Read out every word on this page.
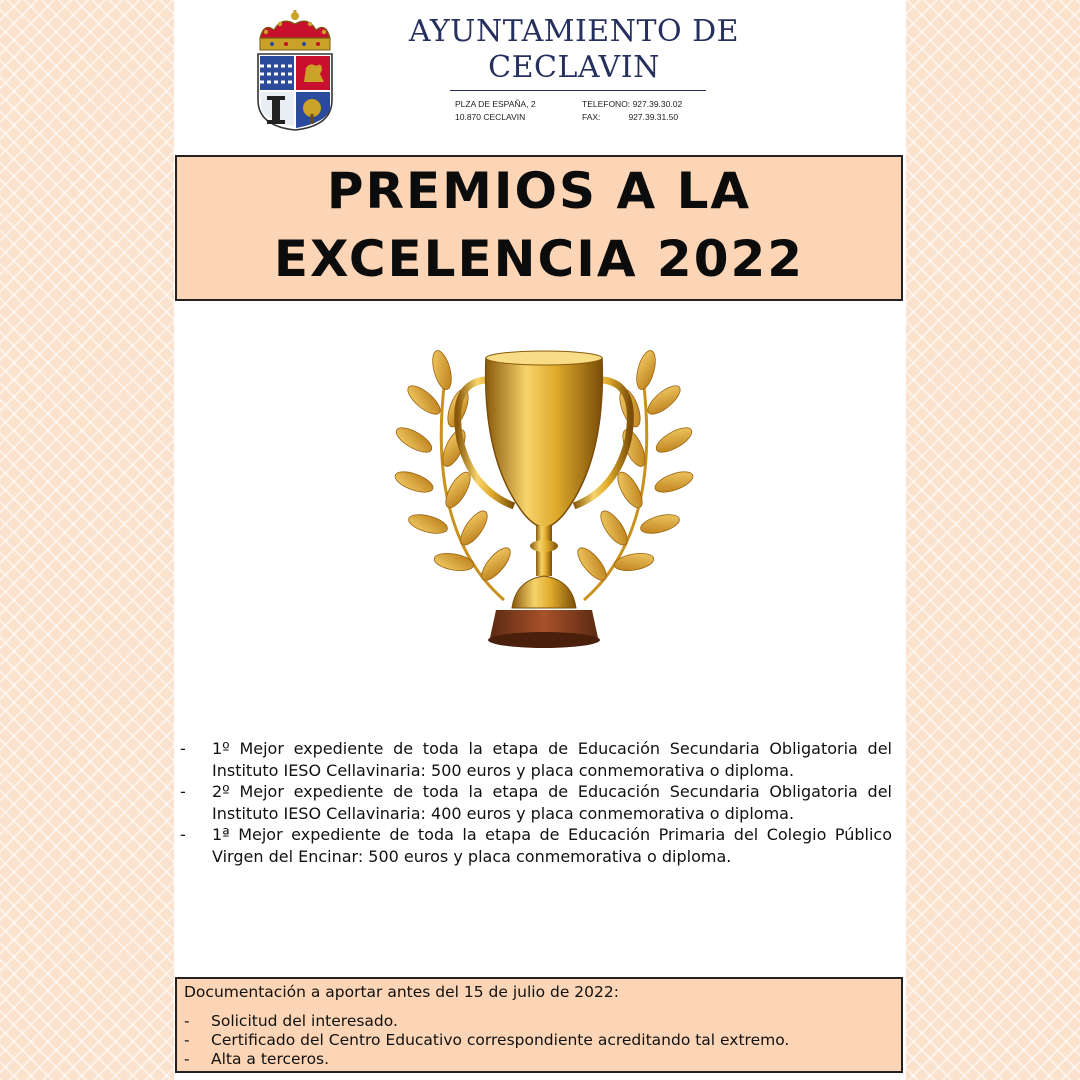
AYUNTAMIENTO DE
CECLAVIN
PLZA DE ESPAÑA, 2
10.870 CECLAVIN
TELEFONO: 927.39.30.02
FAX:	927.39.31.50
PREMIOS A LA
EXCELENCIA 2022
- 1º Mejor expediente de toda la etapa de Educación Secundaria Obligatoria del Instituto IESO Cellavinaria: 500 euros y placa conmemorativa o diploma.
- 2º Mejor expediente de toda la etapa de Educación Secundaria Obligatoria del Instituto IESO Cellavinaria: 400 euros y placa conmemorativa o diploma.
- 1ª Mejor expediente de toda la etapa de Educación Primaria del Colegio Público Virgen del Encinar: 500 euros y placa conmemorativa o diploma.
Documentación a aportar antes del 15 de julio de 2022:
- Solicitud del interesado.
- Certificado del Centro Educativo correspondiente acreditando tal extremo.
- Alta a terceros.
